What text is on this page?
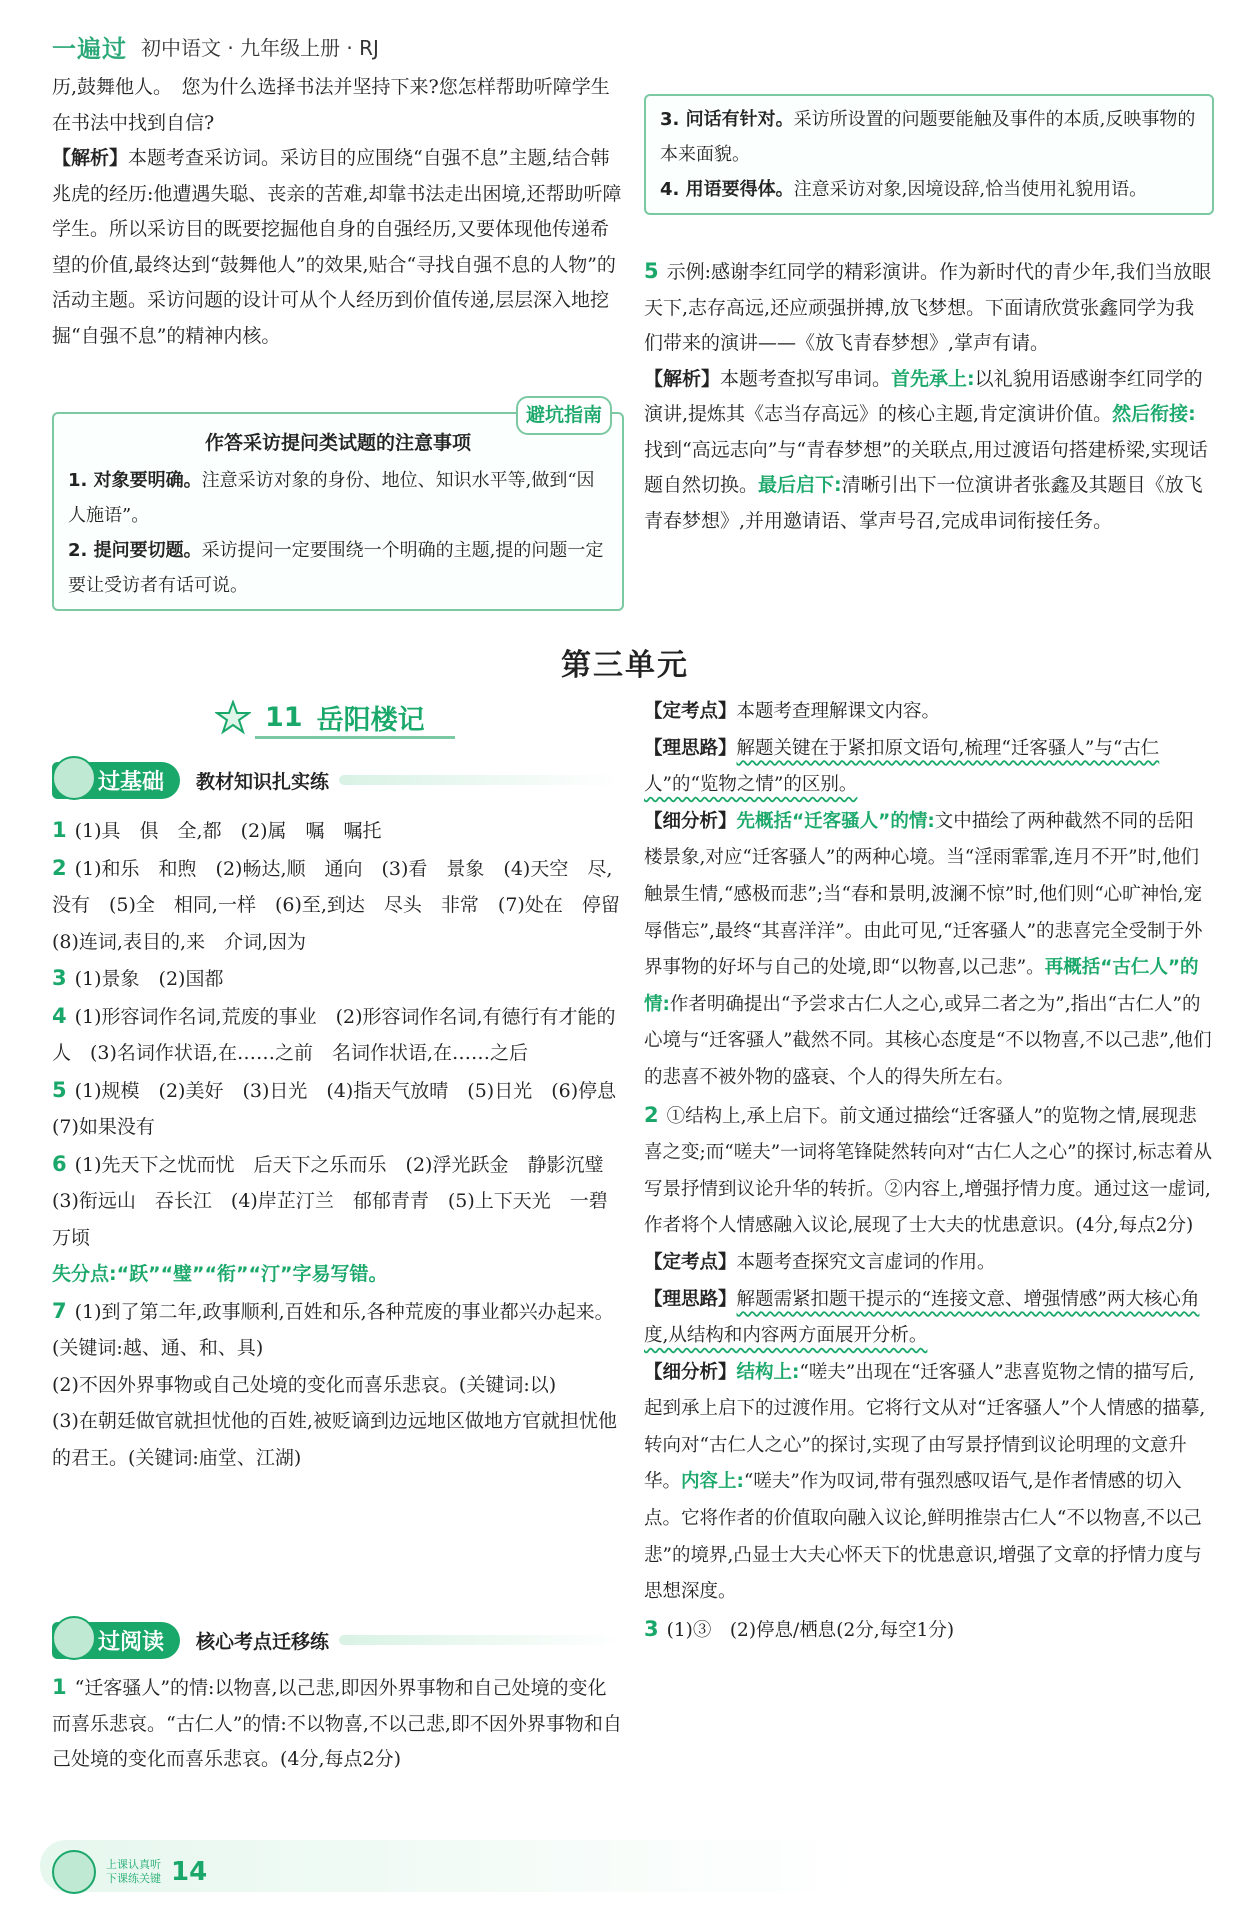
一遍过 初中语文 · 九年级上册 · RJ

历,鼓舞他人。　您为什么选择书法并坚持下来?您怎样帮助听障学生在书法中找到自信?

【解析】本题考查采访词。采访目的应围绕“自强不息”主题,结合韩兆虎的经历:他遭遇失聪、丧亲的苦难,却靠书法走出困境,还帮助听障学生。所以采访目的既要挖掘他自身的自强经历,又要体现他传递希望的价值,最终达到“鼓舞他人”的效果,贴合“寻找自强不息的人物”的活动主题。采访问题的设计可从个人经历到价值传递,层层深入地挖掘“自强不息”的精神内核。

避坑指南
作答采访提问类试题的注意事项

1. 对象要明确。注意采访对象的身份、地位、知识水平等,做到“因人施语”。

2. 提问要切题。采访提问一定要围绕一个明确的主题,提的问题一定要让受访者有话可说。

3. 问话有针对。采访所设置的问题要能触及事件的本质,反映事物的本来面貌。

4. 用语要得体。注意采访对象,因境设辞,恰当使用礼貌用语。

5 示例:感谢李红同学的精彩演讲。作为新时代的青少年,我们当放眼天下,志存高远,还应顽强拼搏,放飞梦想。下面请欣赏张鑫同学为我们带来的演讲——《放飞青春梦想》,掌声有请。

【解析】本题考查拟写串词。首先承上:以礼貌用语感谢李红同学的演讲,提炼其《志当存高远》的核心主题,肯定演讲价值。然后衔接:找到“高远志向”与“青春梦想”的关联点,用过渡语句搭建桥梁,实现话题自然切换。最后启下:清晰引出下一位演讲者张鑫及其题目《放飞青春梦想》,并用邀请语、掌声号召,完成串词衔接任务。

第三单元
11 岳阳楼记
过基础	教材知识扎实练

1 (1)具　俱　全,都　(2)属　嘱　嘱托

2 (1)和乐　和煦　(2)畅达,顺　通向　(3)看　景象　(4)天空　尽,没有　(5)全　相同,一样　(6)至,到达　尽头　非常　(7)处在　停留　(8)连词,表目的,来　介词,因为

3 (1)景象　(2)国都

4 (1)形容词作名词,荒废的事业　(2)形容词作名词,有德行有才能的人　(3)名词作状语,在……之前　名词作状语,在……之后

5 (1)规模　(2)美好　(3)日光　(4)指天气放晴　(5)日光　(6)停息　(7)如果没有

6 (1)先天下之忧而忧　后天下之乐而乐　(2)浮光跃金　静影沉璧　(3)衔远山　吞长江　(4)岸芷汀兰　郁郁青青　(5)上下天光　一碧万顷

失分点:“跃”“璧”“衔”“汀”字易写错。

7 (1)到了第二年,政事顺利,百姓和乐,各种荒废的事业都兴办起来。(关键词:越、通、和、具)

(2)不因外界事物或自己处境的变化而喜乐悲哀。(关键词:以)

(3)在朝廷做官就担忧他的百姓,被贬谪到边远地区做地方官就担忧他的君王。(关键词:庙堂、江湖)

过阅读	核心考点迁移练

1 “迁客骚人”的情:以物喜,以己悲,即因外界事物和自己处境的变化而喜乐悲哀。“古仁人”的情:不以物喜,不以己悲,即不因外界事物和自己处境的变化而喜乐悲哀。(4分,每点2分)

【定考点】本题考查理解课文内容。

【理思路】解题关键在于紧扣原文语句,梳理“迁客骚人”与“古仁人”的“览物之情”的区别。

【细分析】先概括“迁客骚人”的情:文中描绘了两种截然不同的岳阳楼景象,对应“迁客骚人”的两种心境。当“淫雨霏霏,连月不开”时,他们触景生情,“感极而悲”;当“春和景明,波澜不惊”时,他们则“心旷神怡,宠辱偕忘”,最终“其喜洋洋”。由此可见,“迁客骚人”的悲喜完全受制于外界事物的好坏与自己的处境,即“以物喜,以己悲”。再概括“古仁人”的情:作者明确提出“予尝求古仁人之心,或异二者之为”,指出“古仁人”的心境与“迁客骚人”截然不同。其核心态度是“不以物喜,不以己悲”,他们的悲喜不被外物的盛衰、个人的得失所左右。

2 ①结构上,承上启下。前文通过描绘“迁客骚人”的览物之情,展现悲喜之变;而“嗟夫”一词将笔锋陡然转向对“古仁人之心”的探讨,标志着从写景抒情到议论升华的转折。②内容上,增强抒情力度。通过这一虚词,作者将个人情感融入议论,展现了士大夫的忧患意识。(4分,每点2分)

【定考点】本题考查探究文言虚词的作用。

【理思路】解题需紧扣题干提示的“连接文意、增强情感”两大核心角度,从结构和内容两方面展开分析。

【细分析】结构上:“嗟夫”出现在“迁客骚人”悲喜览物之情的描写后,起到承上启下的过渡作用。它将行文从对“迁客骚人”个人情感的描摹,转向对“古仁人之心”的探讨,实现了由写景抒情到议论明理的文意升华。内容上:“嗟夫”作为叹词,带有强烈感叹语气,是作者情感的切入点。它将作者的价值取向融入议论,鲜明推崇古仁人“不以物喜,不以己悲”的境界,凸显士大夫心怀天下的忧患意识,增强了文章的抒情力度与思想深度。

3 (1)③　(2)停息/栖息(2分,每空1分)

上课认真听
下课练关键 14
